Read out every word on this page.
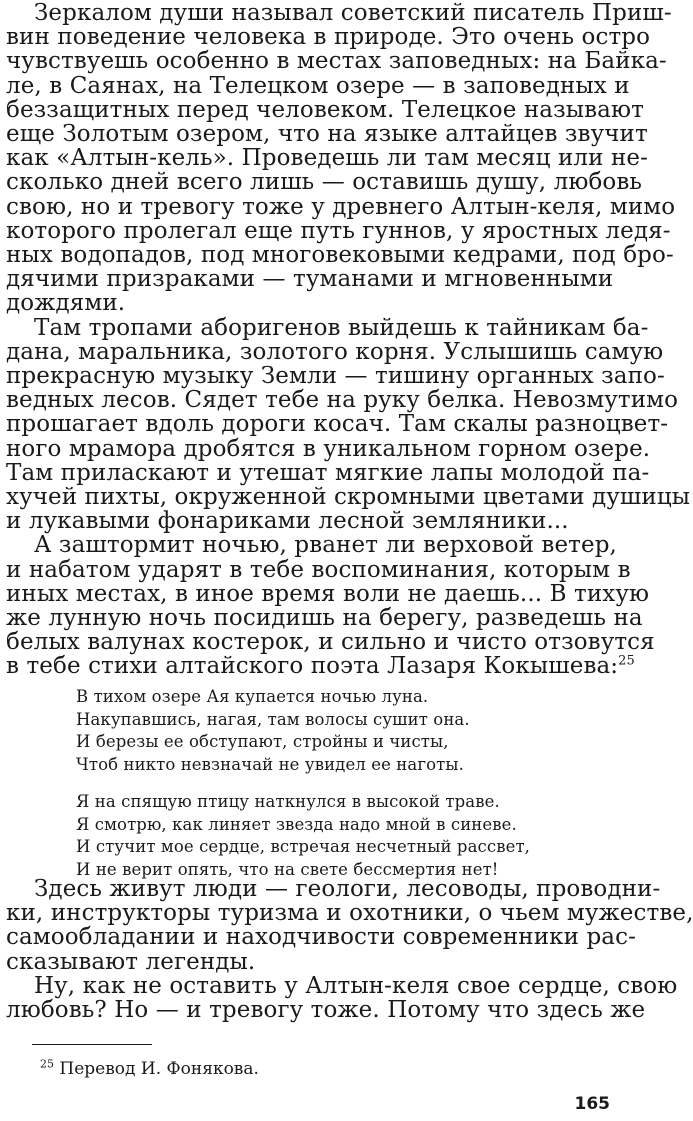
Зеркалом души называл советский писатель Приш-
вин поведение человека в природе. Это очень остро
чувствуешь особенно в местах заповедных: на Байка-
ле, в Саянах, на Телецком озере — в заповедных и
беззащитных перед человеком. Телецкое называют
еще Золотым озером, что на языке алтайцев звучит
как «Алтын-кель». Проведешь ли там месяц или не-
сколько дней всего лишь — оставишь душу, любовь
свою, но и тревогу тоже у древнего Алтын-келя, мимо
которого пролегал еще путь гуннов, у яростных ледя-
ных водопадов, под многовековыми кедрами, под бро-
дячими призраками — туманами и мгновенными
дождями.
Там тропами аборигенов выйдешь к тайникам ба-
дана, маральника, золотого корня. Услышишь самую
прекрасную музыку Земли — тишину органных запо-
ведных лесов. Сядет тебе на руку белка. Невозмутимо
прошагает вдоль дороги косач. Там скалы разноцвет-
ного мрамора дробятся в уникальном горном озере.
Там приласкают и утешат мягкие лапы молодой па-
хучей пихты, окруженной скромными цветами душицы
и лукавыми фонариками лесной земляники...
А заштормит ночью, рванет ли верховой ветер,
и набатом ударят в тебе воспоминания, которым в
иных местах, в иное время воли не даешь... В тихую
же лунную ночь посидишь на берегу, разведешь на
белых валунах костерок, и сильно и чисто отзовутся
в тебе стихи алтайского поэта Лазаря Кокышева:$^{25}$
В тихом озере Ая купается ночью луна.
Накупавшись, нагая, там волосы сушит она.
И березы ее обступают, стройны и чисты,
Чтоб никто невзначай не увидел ее наготы.
Я на спящую птицу наткнулся в высокой траве.
Я смотрю, как линяет звезда надо мной в синеве.
И стучит мое сердце, встречая несчетный рассвет,
И не верит опять, что на свете бессмертия нет!
Здесь живут люди — геологи, лесоводы, проводни-
ки, инструкторы туризма и охотники, о чьем мужестве,
самообладании и находчивости современники рас-
сказывают легенды.
Ну, как не оставить у Алтын-келя свое сердце, свою
любовь? Но — и тревогу тоже. Потому что здесь же
$^{25}$ Перевод И. Фонякова.
165
